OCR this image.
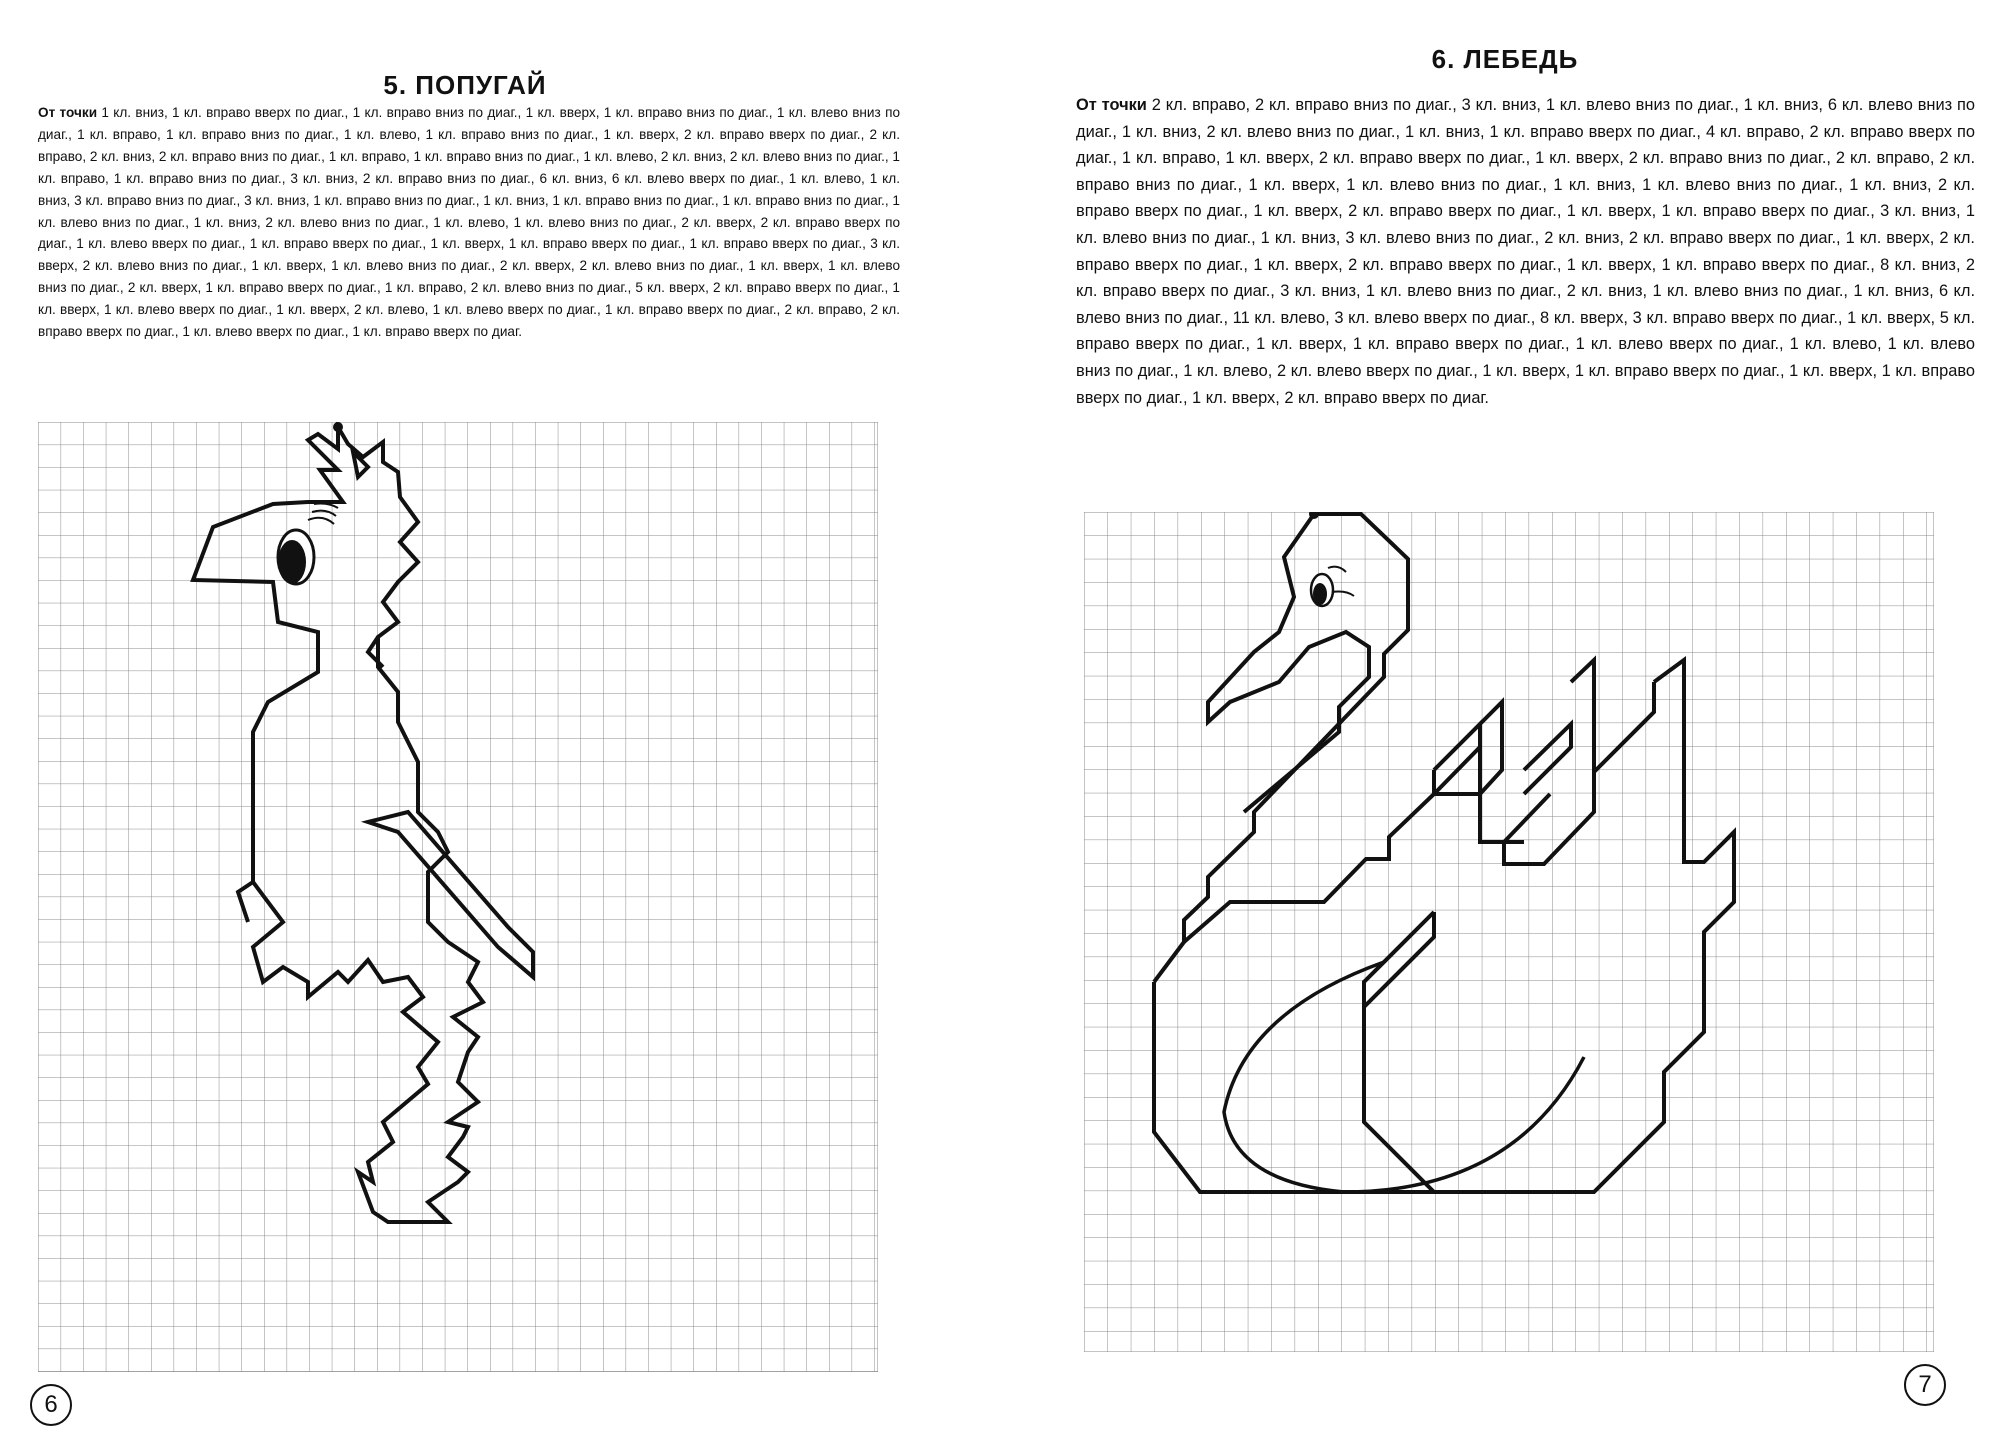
5. ПОПУГАЙ

От точки 1 кл. вниз, 1 кл. вправо вверх по диаг., 1 кл. вправо вниз по диаг., 1 кл. вверх, 1 кл. вправо вниз по диаг., 1 кл. влево вниз по диаг., 1 кл. вправо, 1 кл. вправо вниз по диаг., 1 кл. влево, 1 кл. вправо вниз по диаг., 1 кл. вверх, 2 кл. вправо вверх по диаг., 2 кл. вправо, 2 кл. вниз, 2 кл. вправо вниз по диаг., 1 кл. вправо, 1 кл. вправо вниз по диаг., 1 кл. влево, 2 кл. вниз, 2 кл. влево вниз по диаг., 1 кл. вправо, 1 кл. вправо вниз по диаг., 3 кл. вниз, 2 кл. вправо вниз по диаг., 6 кл. вниз, 6 кл. влево вверх по диаг., 1 кл. влево, 1 кл. вниз, 3 кл. вправо вниз по диаг., 3 кл. вниз, 1 кл. вправо вниз по диаг., 1 кл. вниз, 1 кл. вправо вниз по диаг., 1 кл. вправо вниз по диаг., 1 кл. влево вниз по диаг., 1 кл. вниз, 2 кл. влево вниз по диаг., 1 кл. влево, 1 кл. влево вниз по диаг., 2 кл. вверх, 2 кл. вправо вверх по диаг., 1 кл. влево вверх по диаг., 1 кл. вправо вверх по диаг., 1 кл. вверх, 1 кл. вправо вверх по диаг., 1 кл. вправо вверх по диаг., 3 кл. вверх, 2 кл. влево вниз по диаг., 1 кл. вверх, 1 кл. влево вниз по диаг., 2 кл. вверх, 2 кл. влево вниз по диаг., 1 кл. вверх, 1 кл. влево вниз по диаг., 2 кл. вверх, 1 кл. вправо вверх по диаг., 1 кл. вправо, 2 кл. влево вниз по диаг., 5 кл. вверх, 2 кл. вправо вверх по диаг., 1 кл. вверх, 1 кл. влево вверх по диаг., 1 кл. вверх, 2 кл. влево, 1 кл. влево вверх по диаг., 1 кл. вправо вверх по диаг., 2 кл. вправо, 2 кл. вправо вверх по диаг., 1 кл. влево вверх по диаг., 1 кл. вправо вверх по диаг.

6
6. ЛЕБЕДЬ

От точки 2 кл. вправо, 2 кл. вправо вниз по диаг., 3 кл. вниз, 1 кл. влево вниз по диаг., 1 кл. вниз, 6 кл. влево вниз по диаг., 1 кл. вниз, 2 кл. влево вниз по диаг., 1 кл. вниз, 1 кл. вправо вверх по диаг., 4 кл. вправо, 2 кл. вправо вверх по диаг., 1 кл. вправо, 1 кл. вверх, 2 кл. вправо вверх по диаг., 1 кл. вверх, 2 кл. вправо вниз по диаг., 2 кл. вправо, 2 кл. вправо вниз по диаг., 1 кл. вверх, 1 кл. влево вниз по диаг., 1 кл. вниз, 1 кл. влево вниз по диаг., 1 кл. вниз, 2 кл. вправо вверх по диаг., 1 кл. вверх, 2 кл. вправо вверх по диаг., 1 кл. вверх, 1 кл. вправо вверх по диаг., 3 кл. вниз, 1 кл. влево вниз по диаг., 1 кл. вниз, 3 кл. влево вниз по диаг., 2 кл. вниз, 2 кл. вправо вверх по диаг., 1 кл. вверх, 2 кл. вправо вверх по диаг., 1 кл. вверх, 2 кл. вправо вверх по диаг., 1 кл. вверх, 1 кл. вправо вверх по диаг., 8 кл. вниз, 2 кл. вправо вверх по диаг., 3 кл. вниз, 1 кл. влево вниз по диаг., 2 кл. вниз, 1 кл. влево вниз по диаг., 1 кл. вниз, 6 кл. влево вниз по диаг., 11 кл. влево, 3 кл. влево вверх по диаг., 8 кл. вверх, 3 кл. вправо вверх по диаг., 1 кл. вверх, 5 кл. вправо вверх по диаг., 1 кл. вверх, 1 кл. вправо вверх по диаг., 1 кл. влево вверх по диаг., 1 кл. влево, 1 кл. влево вниз по диаг., 1 кл. влево, 2 кл. влево вверх по диаг., 1 кл. вверх, 1 кл. вправо вверх по диаг., 1 кл. вверх, 1 кл. вправо вверх по диаг., 1 кл. вверх, 2 кл. вправо вверх по диаг.

7
